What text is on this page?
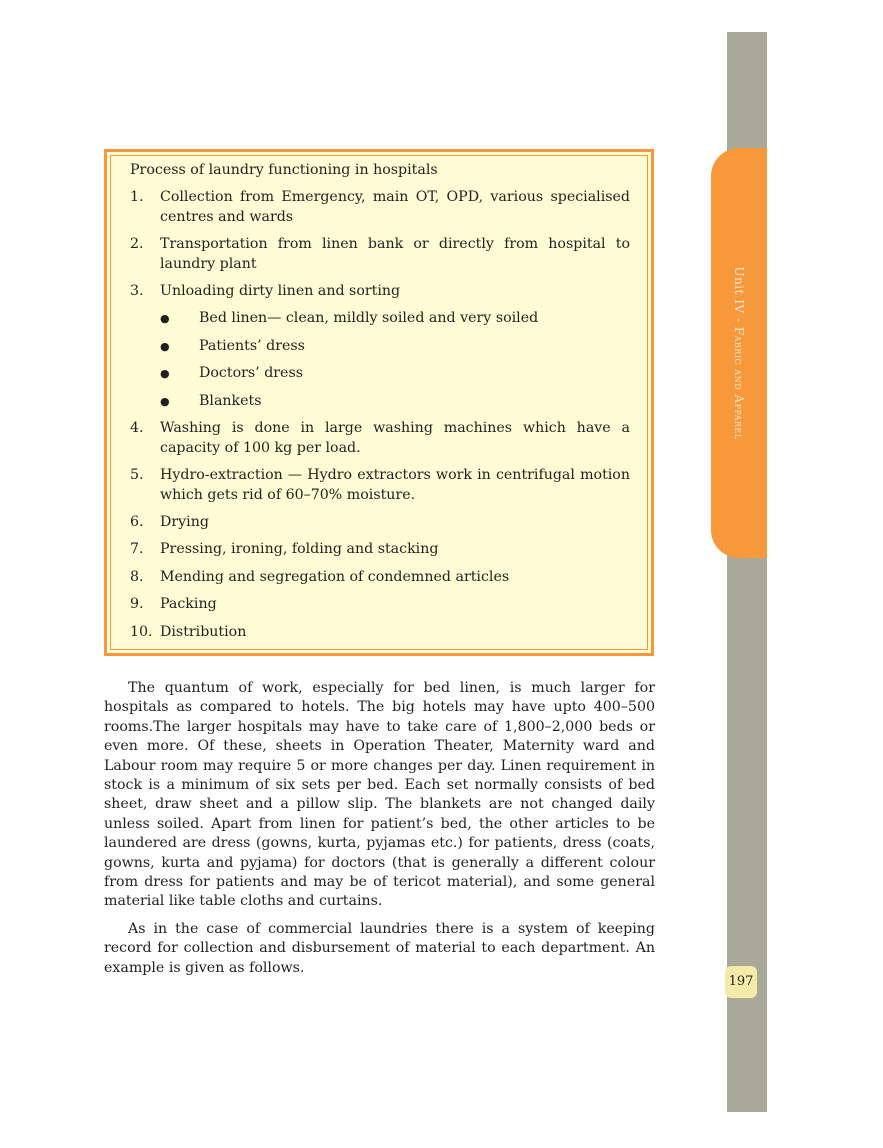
Unit IV - Fabric and Apparel
197
Process of laundry functioning in hospitals
1. Collection from Emergency, main OT, OPD, various specialised centres and wards
2. Transportation from linen bank or directly from hospital to laundry plant
3. Unloading dirty linen and sorting
● Bed linen— clean, mildly soiled and very soiled
● Patients’ dress
● Doctors’ dress
● Blankets
4. Washing is done in large washing machines which have a capacity of 100 kg per load.
5. Hydro-extraction — Hydro extractors work in centrifugal motion which gets rid of 60–70% moisture.
6. Drying
7. Pressing, ironing, folding and stacking
8. Mending and segregation of condemned articles
9. Packing
10. Distribution

The quantum of work, especially for bed linen, is much larger for hospitals as compared to hotels. The big hotels may have upto 400–500 rooms.The larger hospitals may have to take care of 1,800–2,000 beds or even more. Of these, sheets in Operation Theater, Maternity ward and Labour room may require 5 or more changes per day. Linen requirement in stock is a minimum of six sets per bed. Each set normally consists of bed sheet, draw sheet and a pillow slip. The blankets are not changed daily unless soiled. Apart from linen for patient’s bed, the other articles to be laundered are dress (gowns, kurta, pyjamas etc.) for patients, dress (coats, gowns, kurta and pyjama) for doctors (that is generally a different colour from dress for patients and may be of tericot material), and some general material like table cloths and curtains.

As in the case of commercial laundries there is a system of keeping record for collection and disbursement of material to each department. An example is given as follows.
